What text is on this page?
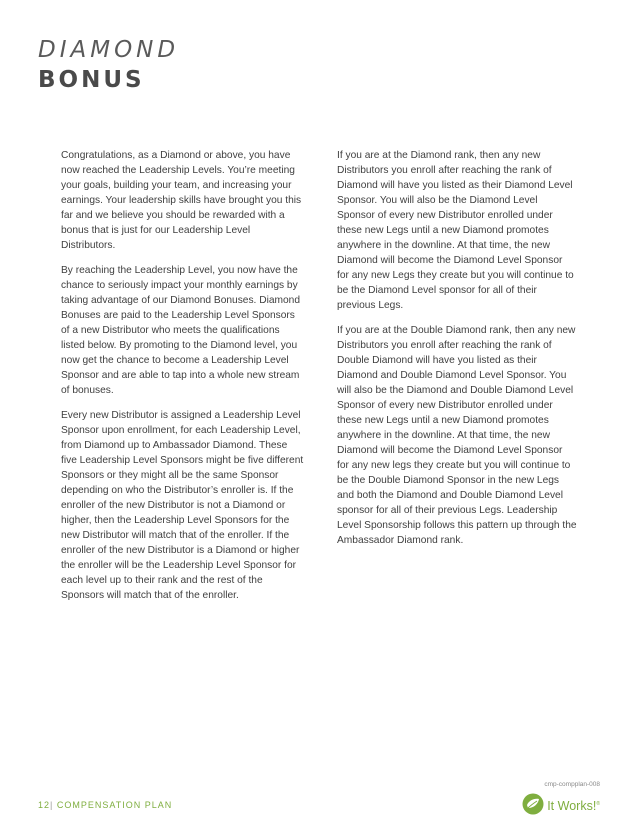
DIAMOND
BONUS

Congratulations, as a Diamond or above, you have now reached the Leadership Levels. You’re meeting your goals, building your team, and increasing your earnings. Your leadership skills have brought you this far and we believe you should be rewarded with a bonus that is just for our Leadership Level Distributors.

By reaching the Leadership Level, you now have the chance to seriously impact your monthly earnings by taking advantage of our Diamond Bonuses. Diamond Bonuses are paid to the Leadership Level Sponsors of a new Distributor who meets the qualifications listed below. By promoting to the Diamond level, you now get the chance to become a Leadership Level Sponsor and are able to tap into a whole new stream of bonuses.

Every new Distributor is assigned a Leadership Level Sponsor upon enrollment, for each Leadership Level, from Diamond up to Ambassador Diamond. These five Leadership Level Sponsors might be five different Sponsors or they might all be the same Sponsor depending on who the Distributor’s enroller is. If the enroller of the new Distributor is not a Diamond or higher, then the Leadership Level Sponsors for the new Distributor will match that of the enroller. If the enroller of the new Distributor is a Diamond or higher the enroller will be the Leadership Level Sponsor for each level up to their rank and the rest of the Sponsors will match that of the enroller.

If you are at the Diamond rank, then any new Distributors you enroll after reaching the rank of Diamond will have you listed as their Diamond Level Sponsor. You will also be the Diamond Level Sponsor of every new Distributor enrolled under these new Legs until a new Diamond promotes anywhere in the downline. At that time, the new Diamond will become the Diamond Level Sponsor for any new Legs they create but you will continue to be the Diamond Level sponsor for all of their previous Legs.

If you are at the Double Diamond rank, then any new Distributors you enroll after reaching the rank of Double Diamond will have you listed as their Diamond and Double Diamond Level Sponsor. You will also be the Diamond and Double Diamond Level Sponsor of every new Distributor enrolled under these new Legs until a new Diamond promotes anywhere in the downline. At that time, the new Diamond will become the Diamond Level Sponsor for any new legs they create but you will continue to be the Double Diamond Sponsor in the new Legs and both the Diamond and Double Diamond Level sponsor for all of their previous Legs. Leadership Level Sponsorship follows this pattern up through the Ambassador Diamond rank.

cmp-compplan-008
12| COMPENSATION PLAN	It Works!®
